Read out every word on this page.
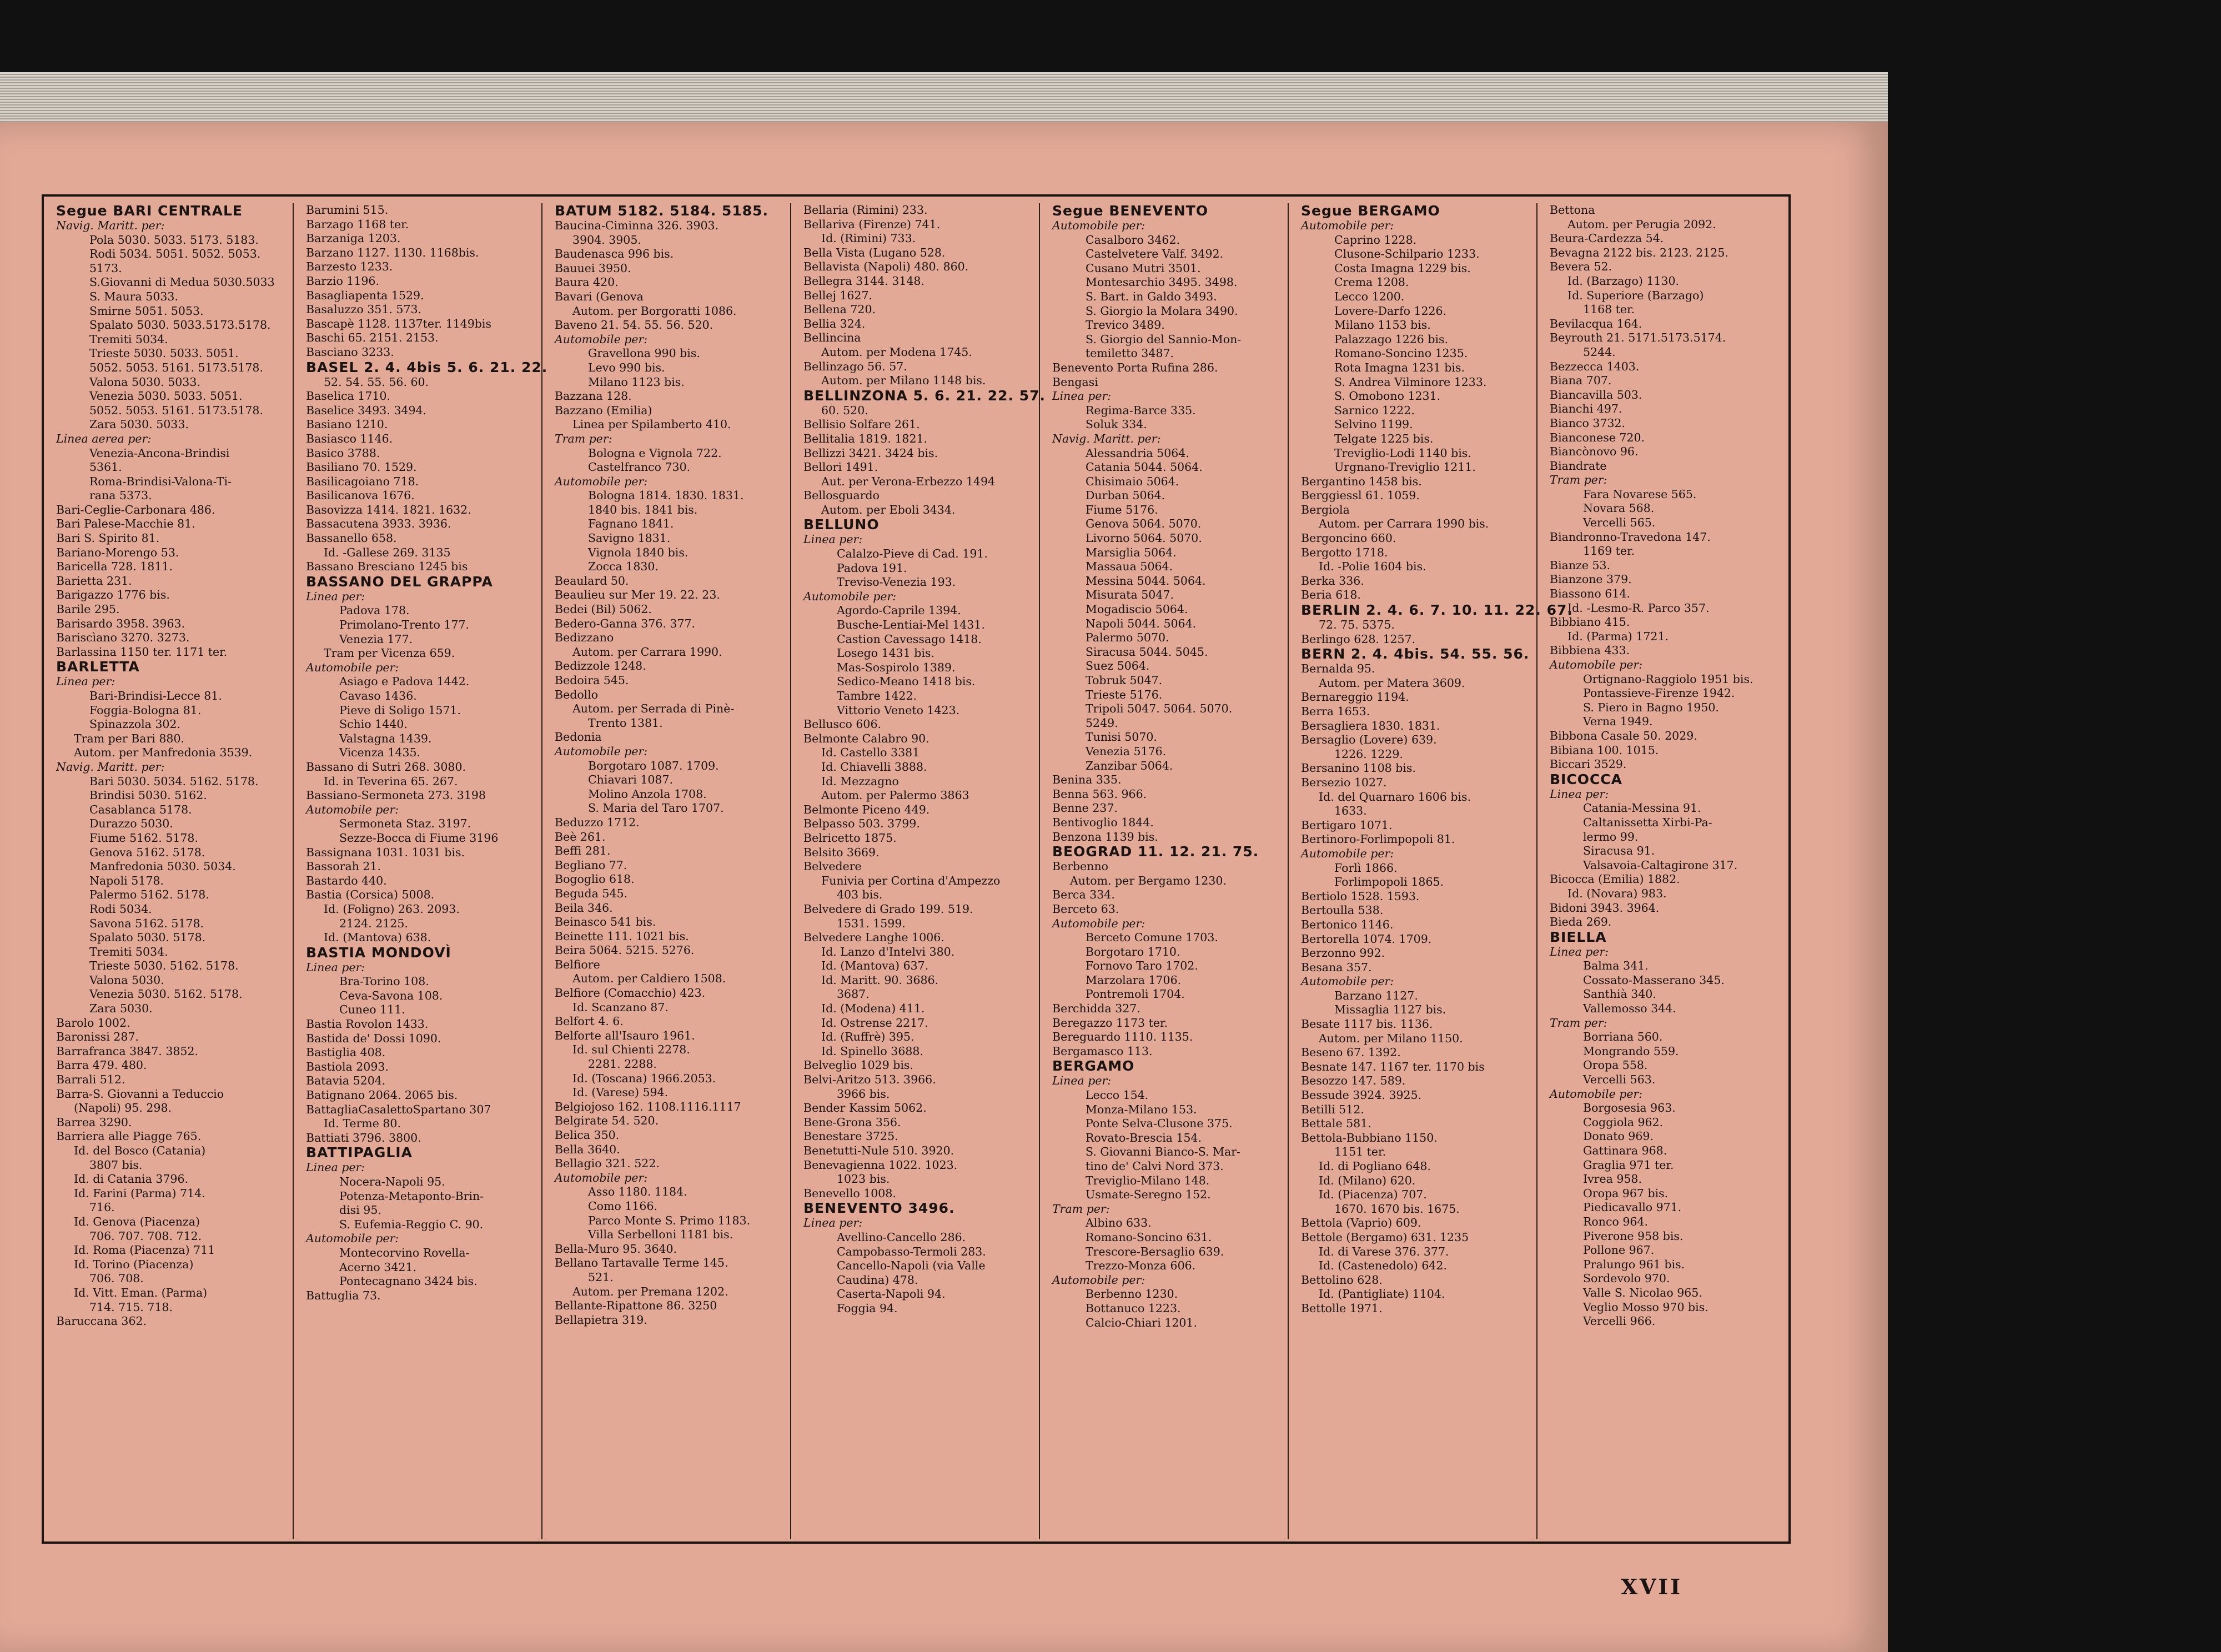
Segue BARI CENTRALE

Navig. Maritt. per:

Pola 5030. 5033. 5173. 5183.

Rodi 5034. 5051. 5052. 5053.

5173.

S.Giovanni di Medua 5030.5033

S. Maura 5033.

Smirne 5051. 5053.

Spalato 5030. 5033.5173.5178.

Tremiti 5034.

Trieste 5030. 5033. 5051.

5052. 5053. 5161. 5173.5178.

Valona 5030. 5033.

Venezia 5030. 5033. 5051.

5052. 5053. 5161. 5173.5178.

Zara 5030. 5033.

Linea aerea per:

Venezia-Ancona-Brindisi

5361.

Roma-Brindisi-Valona-Ti-

rana 5373.

Bari-Ceglie-Carbonara 486.

Bari Palese-Macchie 81.

Bari S. Spirito 81.

Bariano-Morengo 53.

Baricella 728. 1811.

Barietta 231.

Barigazzo 1776 bis.

Barile 295.

Barisardo 3958. 3963.

Bariscìano 3270. 3273.

Barlassina 1150 ter. 1171 ter.

BARLETTA

Linea per:

Bari-Brindisi-Lecce 81.

Foggia-Bologna 81.

Spinazzola 302.

Tram per Bari 880.

Autom. per Manfredonia 3539.

Navig. Maritt. per:

Bari 5030. 5034. 5162. 5178.

Brindisi 5030. 5162.

Casablanca 5178.

Durazzo 5030.

Fiume 5162. 5178.

Genova 5162. 5178.

Manfredonia 5030. 5034.

Napoli 5178.

Palermo 5162. 5178.

Rodi 5034.

Savona 5162. 5178.

Spalato 5030. 5178.

Tremiti 5034.

Trieste 5030. 5162. 5178.

Valona 5030.

Venezia 5030. 5162. 5178.

Zara 5030.

Barolo 1002.

Baronissi 287.

Barrafranca 3847. 3852.

Barra 479. 480.

Barrali 512.

Barra-S. Giovanni a Teduccio

(Napoli) 95. 298.

Barrea 3290.

Barriera alle Piagge 765.

Id. del Bosco (Catania)

3807 bis.

Id. di Catania 3796.

Id. Farini (Parma) 714.

716.

Id. Genova (Piacenza)

706. 707. 708. 712.

Id. Roma (Piacenza) 711

Id. Torino (Piacenza)

706. 708.

Id. Vitt. Eman. (Parma)

714. 715. 718.

Baruccana 362.

Barumini 515.

Barzago 1168 ter.

Barzaniga 1203.

Barzano 1127. 1130. 1168bis.

Barzesto 1233.

Barzio 1196.

Basagliapenta 1529.

Basaluzzo 351. 573.

Bascapè 1128. 1137ter. 1149bis

Baschi 65. 2151. 2153.

Basciano 3233.

BASEL 2. 4. 4bis 5. 6. 21. 22.

52. 54. 55. 56. 60.

Baselica 1710.

Baselice 3493. 3494.

Basiano 1210.

Basiasco 1146.

Basico 3788.

Basiliano 70. 1529.

Basilicagoiano 718.

Basilicanova 1676.

Basovizza 1414. 1821. 1632.

Bassacutena 3933. 3936.

Bassanello 658.

Id. -Gallese 269. 3135

Bassano Bresciano 1245 bis

BASSANO DEL GRAPPA

Linea per:

Padova 178.

Primolano-Trento 177.

Venezia 177.

Tram per Vicenza 659.

Automobile per:

Asiago e Padova 1442.

Cavaso 1436.

Pieve di Soligo 1571.

Schio 1440.

Valstagna 1439.

Vicenza 1435.

Bassano di Sutri 268. 3080.

Id. in Teverina 65. 267.

Bassiano-Sermoneta 273. 3198

Automobile per:

Sermoneta Staz. 3197.

Sezze-Bocca di Fiume 3196

Bassignana 1031. 1031 bis.

Bassorah 21.

Bastardo 440.

Bastia (Corsica) 5008.

Id. (Foligno) 263. 2093.

2124. 2125.

Id. (Mantova) 638.

BASTIA MONDOVÌ

Linea per:

Bra-Torino 108.

Ceva-Savona 108.

Cuneo 111.

Bastia Rovolon 1433.

Bastida de' Dossi 1090.

Bastiglia 408.

Bastiola 2093.

Batavia 5204.

Batignano 2064. 2065 bis.

BattagliaCasalettoSpartano 307

Id. Terme 80.

Battiati 3796. 3800.

BATTIPAGLIA

Linea per:

Nocera-Napoli 95.

Potenza-Metaponto-Brin-

disi 95.

S. Eufemia-Reggio C. 90.

Automobile per:

Montecorvino Rovella-

Acerno 3421.

Pontecagnano 3424 bis.

Battuglia 73.

BATUM 5182. 5184. 5185.

Baucina-Ciminna 326. 3903.

3904. 3905.

Baudenasca 996 bis.

Bauuei 3950.

Baura 420.

Bavari (Genova

Autom. per Borgoratti 1086.

Baveno 21. 54. 55. 56. 520.

Automobile per:

Gravellona 990 bis.

Levo 990 bis.

Milano 1123 bis.

Bazzana 128.

Bazzano (Emilia)

Linea per Spilamberto 410.

Tram per:

Bologna e Vignola 722.

Castelfranco 730.

Automobile per:

Bologna 1814. 1830. 1831.

1840 bis. 1841 bis.

Fagnano 1841.

Savigno 1831.

Vignola 1840 bis.

Zocca 1830.

Beaulard 50.

Beaulieu sur Mer 19. 22. 23.

Bedei (Bil) 5062.

Bedero-Ganna 376. 377.

Bedizzano

Autom. per Carrara 1990.

Bedizzole 1248.

Bedoira 545.

Bedollo

Autom. per Serrada di Pinè-

Trento 1381.

Bedonia

Automobile per:

Borgotaro 1087. 1709.

Chiavari 1087.

Molino Anzola 1708.

S. Maria del Taro 1707.

Beduzzo 1712.

Beè 261.

Beffi 281.

Begliano 77.

Bogoglio 618.

Beguda 545.

Beila 346.

Beinasco 541 bis.

Beinette 111. 1021 bis.

Beira 5064. 5215. 5276.

Belfiore

Autom. per Caldiero 1508.

Belfiore (Comacchio) 423.

Id. Scanzano 87.

Belfort 4. 6.

Belforte all'Isauro 1961.

Id. sul Chienti 2278.

2281. 2288.

Id. (Toscana) 1966.2053.

Id. (Varese) 594.

Belgiojoso 162. 1108.1116.1117

Belgirate 54. 520.

Belica 350.

Bella 3640.

Bellagio 321. 522.

Automobile per:

Asso 1180. 1184.

Como 1166.

Parco Monte S. Primo 1183.

Villa Serbelloni 1181 bis.

Bella-Muro 95. 3640.

Bellano Tartavalle Terme 145.

521.

Autom. per Premana 1202.

Bellante-Ripattone 86. 3250

Bellapietra 319.

Bellaria (Rimini) 233.

Bellariva (Firenze) 741.

Id. (Rimini) 733.

Bella Vista (Lugano 528.

Bellavista (Napoli) 480. 860.

Bellegra 3144. 3148.

Bellej 1627.

Bellena 720.

Bellia 324.

Bellincina

Autom. per Modena 1745.

Bellinzago 56. 57.

Autom. per Milano 1148 bis.

BELLINZONA 5. 6. 21. 22. 57.

60. 520.

Bellisio Solfare 261.

Bellitalia 1819. 1821.

Bellizzi 3421. 3424 bis.

Bellori 1491.

Aut. per Verona-Erbezzo 1494

Bellosguardo

Autom. per Eboli 3434.

BELLUNO

Linea per:

Calalzo-Pieve di Cad. 191.

Padova 191.

Treviso-Venezia 193.

Automobile per:

Agordo-Caprile 1394.

Busche-Lentiai-Mel 1431.

Castion Cavessago 1418.

Losego 1431 bis.

Mas-Sospirolo 1389.

Sedico-Meano 1418 bis.

Tambre 1422.

Vittorio Veneto 1423.

Bellusco 606.

Belmonte Calabro 90.

Id. Castello 3381

Id. Chiavelli 3888.

Id. Mezzagno

Autom. per Palermo 3863

Belmonte Piceno 449.

Belpasso 503. 3799.

Belricetto 1875.

Belsito 3669.

Belvedere

Funivia per Cortina d'Ampezzo

403 bis.

Belvedere di Grado 199. 519.

1531. 1599.

Belvedere Langhe 1006.

Id. Lanzo d'Intelvi 380.

Id. (Mantova) 637.

Id. Maritt. 90. 3686.

3687.

Id. (Modena) 411.

Id. Ostrense 2217.

Id. (Ruffrè) 395.

Id. Spinello 3688.

Belveglio 1029 bis.

Belvi-Aritzo 513. 3966.

3966 bis.

Bender Kassim 5062.

Bene-Grona 356.

Benestare 3725.

Benetutti-Nule 510. 3920.

Benevagienna 1022. 1023.

1023 bis.

Benevello 1008.

BENEVENTO 3496.

Linea per:

Avellino-Cancello 286.

Campobasso-Termoli 283.

Cancello-Napoli (via Valle

Caudina) 478.

Caserta-Napoli 94.

Foggia 94.

Segue BENEVENTO

Automobile per:

Casalboro 3462.

Castelvetere Valf. 3492.

Cusano Mutri 3501.

Montesarchio 3495. 3498.

S. Bart. in Galdo 3493.

S. Giorgio la Molara 3490.

Trevico 3489.

S. Giorgio del Sannio-Mon-

temiletto 3487.

Benevento Porta Rufina 286.

Bengasi

Linea per:

Regima-Barce 335.

Soluk 334.

Navig. Maritt. per:

Alessandria 5064.

Catania 5044. 5064.

Chisimaio 5064.

Durban 5064.

Fiume 5176.

Genova 5064. 5070.

Livorno 5064. 5070.

Marsiglia 5064.

Massaua 5064.

Messina 5044. 5064.

Misurata 5047.

Mogadiscio 5064.

Napoli 5044. 5064.

Palermo 5070.

Siracusa 5044. 5045.

Suez 5064.

Tobruk 5047.

Trieste 5176.

Tripoli 5047. 5064. 5070.

5249.

Tunisi 5070.

Venezia 5176.

Zanzibar 5064.

Benina 335.

Benna 563. 966.

Benne 237.

Bentivoglio 1844.

Benzona 1139 bis.

BEOGRAD 11. 12. 21. 75.

Berbenno

Autom. per Bergamo 1230.

Berca 334.

Berceto 63.

Automobile per:

Berceto Comune 1703.

Borgotaro 1710.

Fornovo Taro 1702.

Marzolara 1706.

Pontremoli 1704.

Berchidda 327.

Beregazzo 1173 ter.

Bereguardo 1110. 1135.

Bergamasco 113.

BERGAMO

Linea per:

Lecco 154.

Monza-Milano 153.

Ponte Selva-Clusone 375.

Rovato-Brescia 154.

S. Giovanni Bianco-S. Mar-

tino de' Calvi Nord 373.

Treviglio-Milano 148.

Usmate-Seregno 152.

Tram per:

Albino 633.

Romano-Soncino 631.

Trescore-Bersaglio 639.

Trezzo-Monza 606.

Automobile per:

Berbenno 1230.

Bottanuco 1223.

Calcio-Chiari 1201.

Segue BERGAMO

Automobile per:

Caprino 1228.

Clusone-Schilpario 1233.

Costa Imagna 1229 bis.

Crema 1208.

Lecco 1200.

Lovere-Darfo 1226.

Milano 1153 bis.

Palazzago 1226 bis.

Romano-Soncino 1235.

Rota Imagna 1231 bis.

S. Andrea Vilminore 1233.

S. Omobono 1231.

Sarnico 1222.

Selvino 1199.

Telgate 1225 bis.

Treviglio-Lodi 1140 bis.

Urgnano-Treviglio 1211.

Bergantino 1458 bis.

Berggiessl 61. 1059.

Bergiola

Autom. per Carrara 1990 bis.

Bergoncino 660.

Bergotto 1718.

Id. -Polie 1604 bis.

Berka 336.

Beria 618.

BERLIN 2. 4. 6. 7. 10. 11. 22. 67.

72. 75. 5375.

Berlingo 628. 1257.

BERN 2. 4. 4bis. 54. 55. 56.

Bernalda 95.

Autom. per Matera 3609.

Bernareggio 1194.

Berra 1653.

Bersagliera 1830. 1831.

Bersaglio (Lovere) 639.

1226. 1229.

Bersanino 1108 bis.

Bersezio 1027.

Id. del Quarnaro 1606 bis.

1633.

Bertigaro 1071.

Bertinoro-Forlimpopoli 81.

Automobile per:

Forlì 1866.

Forlimpopoli 1865.

Bertiolo 1528. 1593.

Bertoulla 538.

Bertonico 1146.

Bertorella 1074. 1709.

Berzonno 992.

Besana 357.

Automobile per:

Barzano 1127.

Missaglia 1127 bis.

Besate 1117 bis. 1136.

Autom. per Milano 1150.

Beseno 67. 1392.

Besnate 147. 1167 ter. 1170 bis

Besozzo 147. 589.

Bessude 3924. 3925.

Betilli 512.

Bettale 581.

Bettola-Bubbiano 1150.

1151 ter.

Id. di Pogliano 648.

Id. (Milano) 620.

Id. (Piacenza) 707.

1670. 1670 bis. 1675.

Bettola (Vaprio) 609.

Bettole (Bergamo) 631. 1235

Id. di Varese 376. 377.

Id. (Castenedolo) 642.

Bettolino 628.

Id. (Pantigliate) 1104.

Bettolle 1971.

Bettona

Autom. per Perugia 2092.

Beura-Cardezza 54.

Bevagna 2122 bis. 2123. 2125.

Bevera 52.

Id. (Barzago) 1130.

Id. Superiore (Barzago)

1168 ter.

Bevilacqua 164.

Beyrouth 21. 5171.5173.5174.

5244.

Bezzecca 1403.

Biana 707.

Biancavilla 503.

Bianchi 497.

Bianco 3732.

Bianconese 720.

Biancònovo 96.

Biandrate

Tram per:

Fara Novarese 565.

Novara 568.

Vercelli 565.

Biandronno-Travedona 147.

1169 ter.

Bianze 53.

Bianzone 379.

Biassono 614.

Id. -Lesmo-R. Parco 357.

Bibbiano 415.

Id. (Parma) 1721.

Bibbiena 433.

Automobile per:

Ortignano-Raggiolo 1951 bis.

Pontassieve-Firenze 1942.

S. Piero in Bagno 1950.

Verna 1949.

Bibbona Casale 50. 2029.

Bibiana 100. 1015.

Biccari 3529.

BICOCCA

Linea per:

Catania-Messina 91.

Caltanissetta Xirbi-Pa-

lermo 99.

Siracusa 91.

Valsavoia-Caltagirone 317.

Bicocca (Emilia) 1882.

Id. (Novara) 983.

Bidoni 3943. 3964.

Bieda 269.

BIELLA

Linea per:

Balma 341.

Cossato-Masserano 345.

Santhià 340.

Vallemosso 344.

Tram per:

Borriana 560.

Mongrando 559.

Oropa 558.

Vercelli 563.

Automobile per:

Borgosesia 963.

Coggiola 962.

Donato 969.

Gattinara 968.

Graglia 971 ter.

Ivrea 958.

Oropa 967 bis.

Piedicavallo 971.

Ronco 964.

Piverone 958 bis.

Pollone 967.

Pralungo 961 bis.

Sordevolo 970.

Valle S. Nicolao 965.

Veglio Mosso 970 bis.

Vercelli 966.

XVII
